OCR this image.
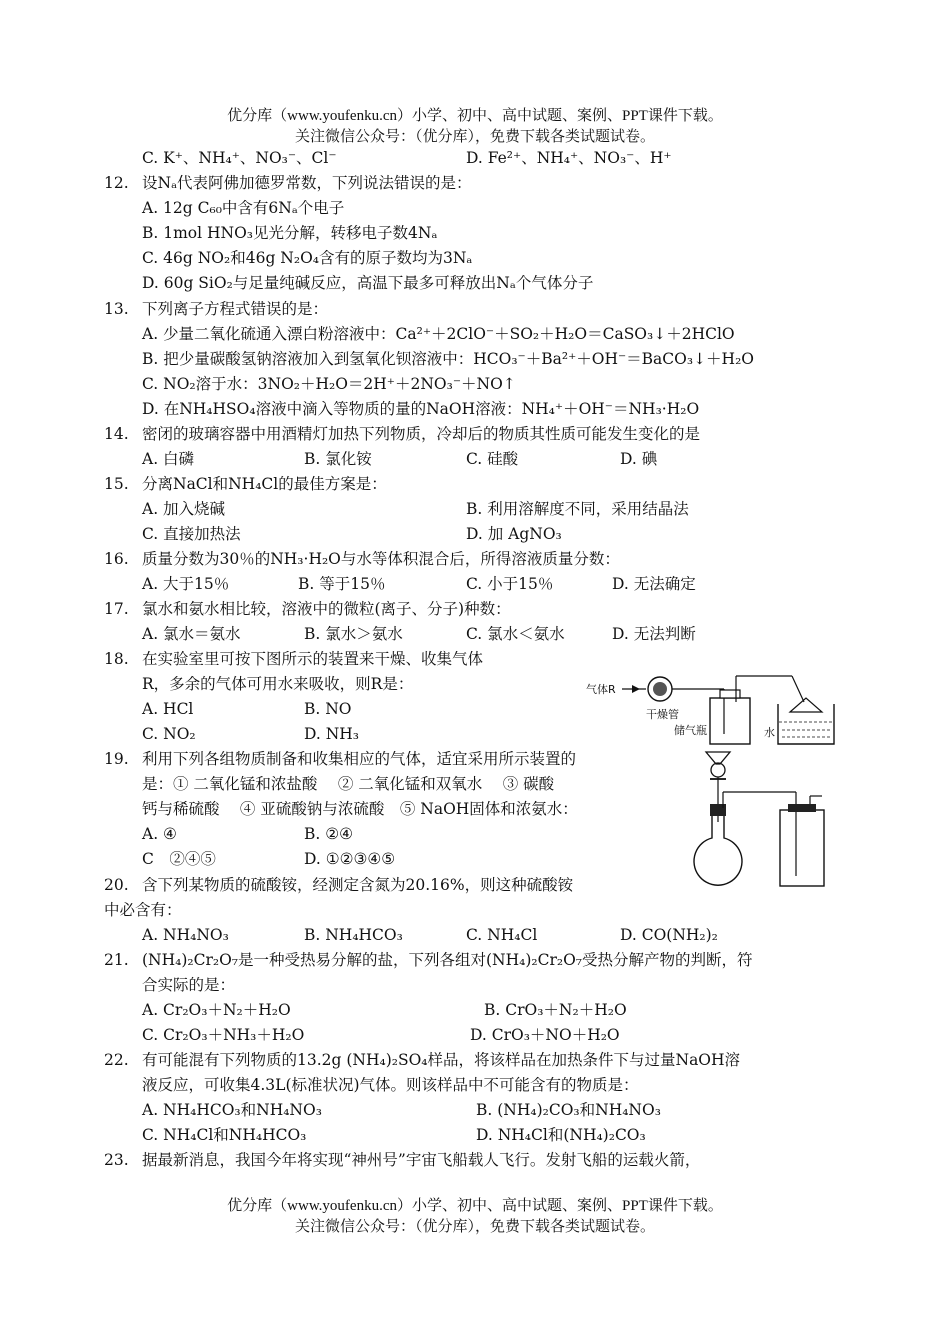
优分库（www.youfenku.cn）小学、初中、高中试题、案例、PPT课件下载。
关注微信公众号：（优分库），免费下载各类试题试卷。
C. K⁺、NH₄⁺、NO₃⁻、Cl⁻	D. Fe²⁺、NH₄⁺、NO₃⁻、H⁺
12. 设Nₐ代表阿佛加德罗常数，下列说法错误的是：
A. 12g C₆₀中含有6Nₐ个电子
B. 1mol HNO₃见光分解，转移电子数4Nₐ
C. 46g NO₂和46g N₂O₄含有的原子数均为3Nₐ
D. 60g SiO₂与足量纯碱反应，高温下最多可释放出Nₐ个气体分子
13. 下列离子方程式错误的是：
A. 少量二氧化硫通入漂白粉溶液中：Ca²⁺＋2ClO⁻＋SO₂＋H₂O＝CaSO₃↓＋2HClO
B. 把少量碳酸氢钠溶液加入到氢氧化钡溶液中：HCO₃⁻＋Ba²⁺＋OH⁻＝BaCO₃↓＋H₂O
C. NO₂溶于水：3NO₂＋H₂O＝2H⁺＋2NO₃⁻＋NO↑
D. 在NH₄HSO₄溶液中滴入等物质的量的NaOH溶液：NH₄⁺＋OH⁻＝NH₃·H₂O
14. 密闭的玻璃容器中用酒精灯加热下列物质，冷却后的物质其性质可能发生变化的是
A. 白磷	B. 氯化铵	C. 硅酸	D. 碘
15. 分离NaCl和NH₄Cl的最佳方案是：
A. 加入烧碱	B. 利用溶解度不同，采用结晶法
C. 直接加热法	D. 加 AgNO₃
16. 质量分数为30％的NH₃·H₂O与水等体积混合后，所得溶液质量分数：
A. 大于15％	B. 等于15％	C. 小于15％	D. 无法确定
17. 氯水和氨水相比较，溶液中的微粒(离子、分子)种数：
A. 氯水＝氨水	B. 氯水＞氨水	C. 氯水＜氨水	D. 无法判断
18. 在实验室里可按下图所示的装置来干燥、收集气体
R，多余的气体可用水来吸收，则R是：
A. HCl	B. NO
C. NO₂	D. NH₃
气体R
干燥管
储气瓶	水
19. 利用下列各组物质制备和收集相应的气体，适宜采用所示装置的
是：① 二氧化锰和浓盐酸　 ② 二氧化锰和双氧水　 ③ 碳酸
钙与稀硫酸　 ④ 亚硫酸钠与浓硫酸　⑤ NaOH固体和浓氨水：
A. ④	B. ②④
C　②④⑤	D. ①②③④⑤
20. 含下列某物质的硫酸铵，经测定含氮为20.16%，则这种硫酸铵
中必含有：
A. NH₄NO₃	B. NH₄HCO₃	C. NH₄Cl	D. CO(NH₂)₂
21. (NH₄)₂Cr₂O₇是一种受热易分解的盐，下列各组对(NH₄)₂Cr₂O₇受热分解产物的判断，符
合实际的是：
A. Cr₂O₃＋N₂＋H₂O	B. CrO₃＋N₂＋H₂O
C. Cr₂O₃＋NH₃＋H₂O	D. CrO₃＋NO＋H₂O
22. 有可能混有下列物质的13.2g (NH₄)₂SO₄样品，将该样品在加热条件下与过量NaOH溶
液反应，可收集4.3L(标准状况)气体。则该样品中不可能含有的物质是：
A. NH₄HCO₃和NH₄NO₃	B. (NH₄)₂CO₃和NH₄NO₃
C. NH₄Cl和NH₄HCO₃	D. NH₄Cl和(NH₄)₂CO₃
23. 据最新消息，我国今年将实现“神州号”宇宙飞船载人飞行。发射飞船的运载火箭，
优分库（www.youfenku.cn）小学、初中、高中试题、案例、PPT课件下载。
关注微信公众号：（优分库），免费下载各类试题试卷。
